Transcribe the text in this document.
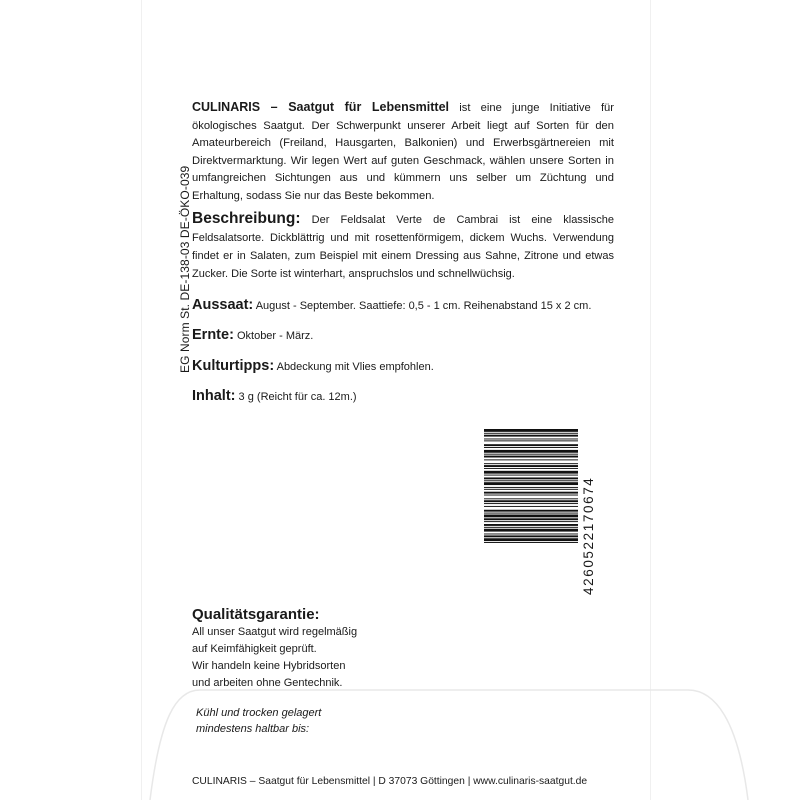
EG Norm St. DE-138-03 DE-ÖKO-039

CULINARIS – Saatgut für Lebensmittel ist eine junge Initiative für ökologisches Saatgut. Der Schwerpunkt unserer Arbeit liegt auf Sorten für den Amateurbereich (Freiland, Hausgarten, Balkonien) und Erwerbsgärtnereien mit Direktvermarktung. Wir legen Wert auf guten Geschmack, wählen unsere Sorten in umfangreichen Sichtungen aus und kümmern uns selber um Züchtung und Erhaltung, sodass Sie nur das Beste bekommen.

Beschreibung: Der Feldsalat Verte de Cambrai ist eine klassische Feldsalatsorte. Dickblättrig und mit rosettenförmigem, dickem Wuchs. Verwendung findet er in Salaten, zum Beispiel mit einem Dressing aus Sahne, Zitrone und etwas Zucker. Die Sorte ist winterhart, anspruchslos und schnellwüchsig.

Aussaat: August - September. Saattiefe: 0,5 - 1 cm. Reihenabstand 15 x 2 cm.

Ernte: Oktober - März.

Kulturtipps: Abdeckung mit Vlies empfohlen.

Inhalt: 3 g (Reicht für ca. 12m.)

4260522170674

Qualitätsgarantie:
All unser Saatgut wird regelmäßig
auf Keimfähigkeit geprüft.
Wir handeln keine Hybridsorten
und arbeiten ohne Gentechnik.

Kühl und trocken gelagert
mindestens haltbar bis:

CULINARIS – Saatgut für Lebensmittel | D 37073 Göttingen | www.culinaris-saatgut.de
